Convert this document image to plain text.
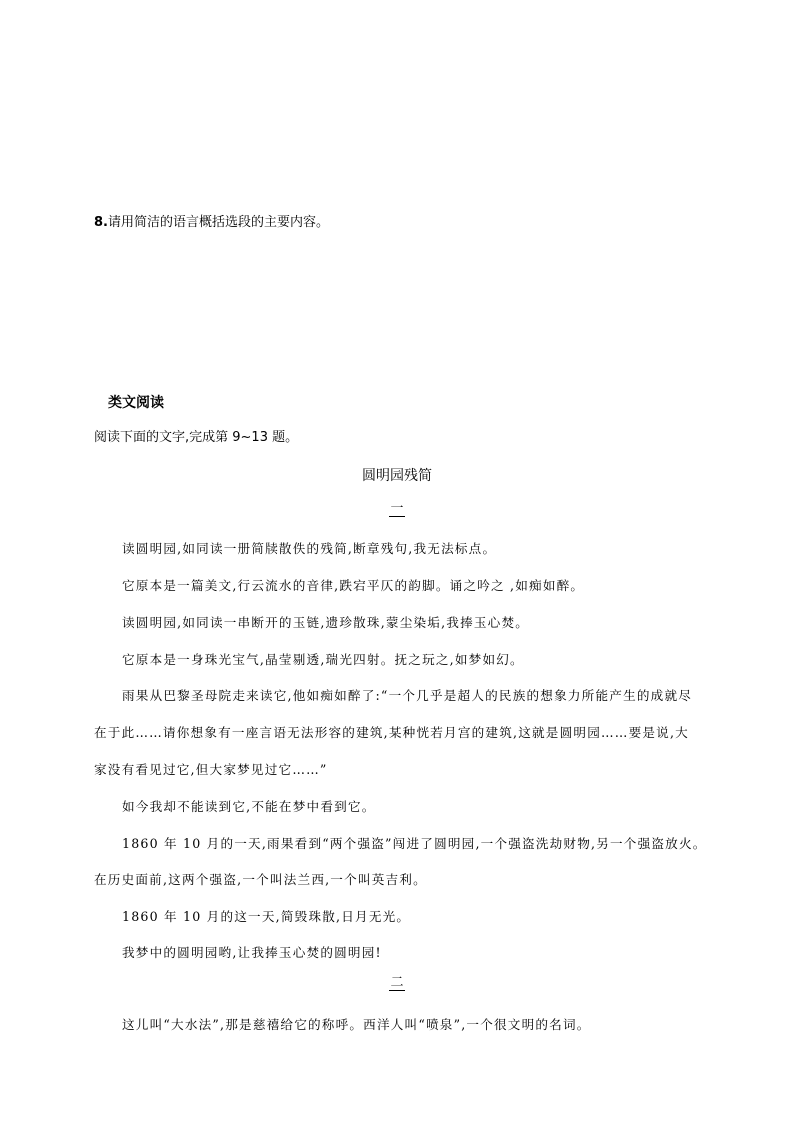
8.请用简洁的语言概括选段的主要内容。
类文阅读
阅读下面的文字,完成第 9~13 题。
圆明园残简
一
读圆明园,如同读一册简牍散佚的残简,断章残句,我无法标点。
它原本是一篇美文,行云流水的音律,跌宕平仄的韵脚。诵之吟之 ,如痴如醉。
读圆明园,如同读一串断开的玉链,遗珍散珠,蒙尘染垢,我捧玉心焚。
它原本是一身珠光宝气,晶莹剔透,瑞光四射。抚之玩之,如梦如幻。
雨果从巴黎圣母院走来读它,他如痴如醉了:“一个几乎是超人的民族的想象力所能产生的成就尽
在于此……请你想象有一座言语无法形容的建筑,某种恍若月宫的建筑,这就是圆明园……要是说,大
家没有看见过它,但大家梦见过它……”
如今我却不能读到它,不能在梦中看到它。
1860 年 10 月的一天,雨果看到“两个强盗”闯进了圆明园,一个强盗洗劫财物,另一个强盗放火。
在历史面前,这两个强盗,一个叫法兰西,一个叫英吉利。
1860 年 10 月的这一天,简毁珠散,日月无光。
我梦中的圆明园哟,让我捧玉心焚的圆明园!
二
这儿叫“大水法”,那是慈禧给它的称呼。西洋人叫“喷泉”,一个很文明的名词。
